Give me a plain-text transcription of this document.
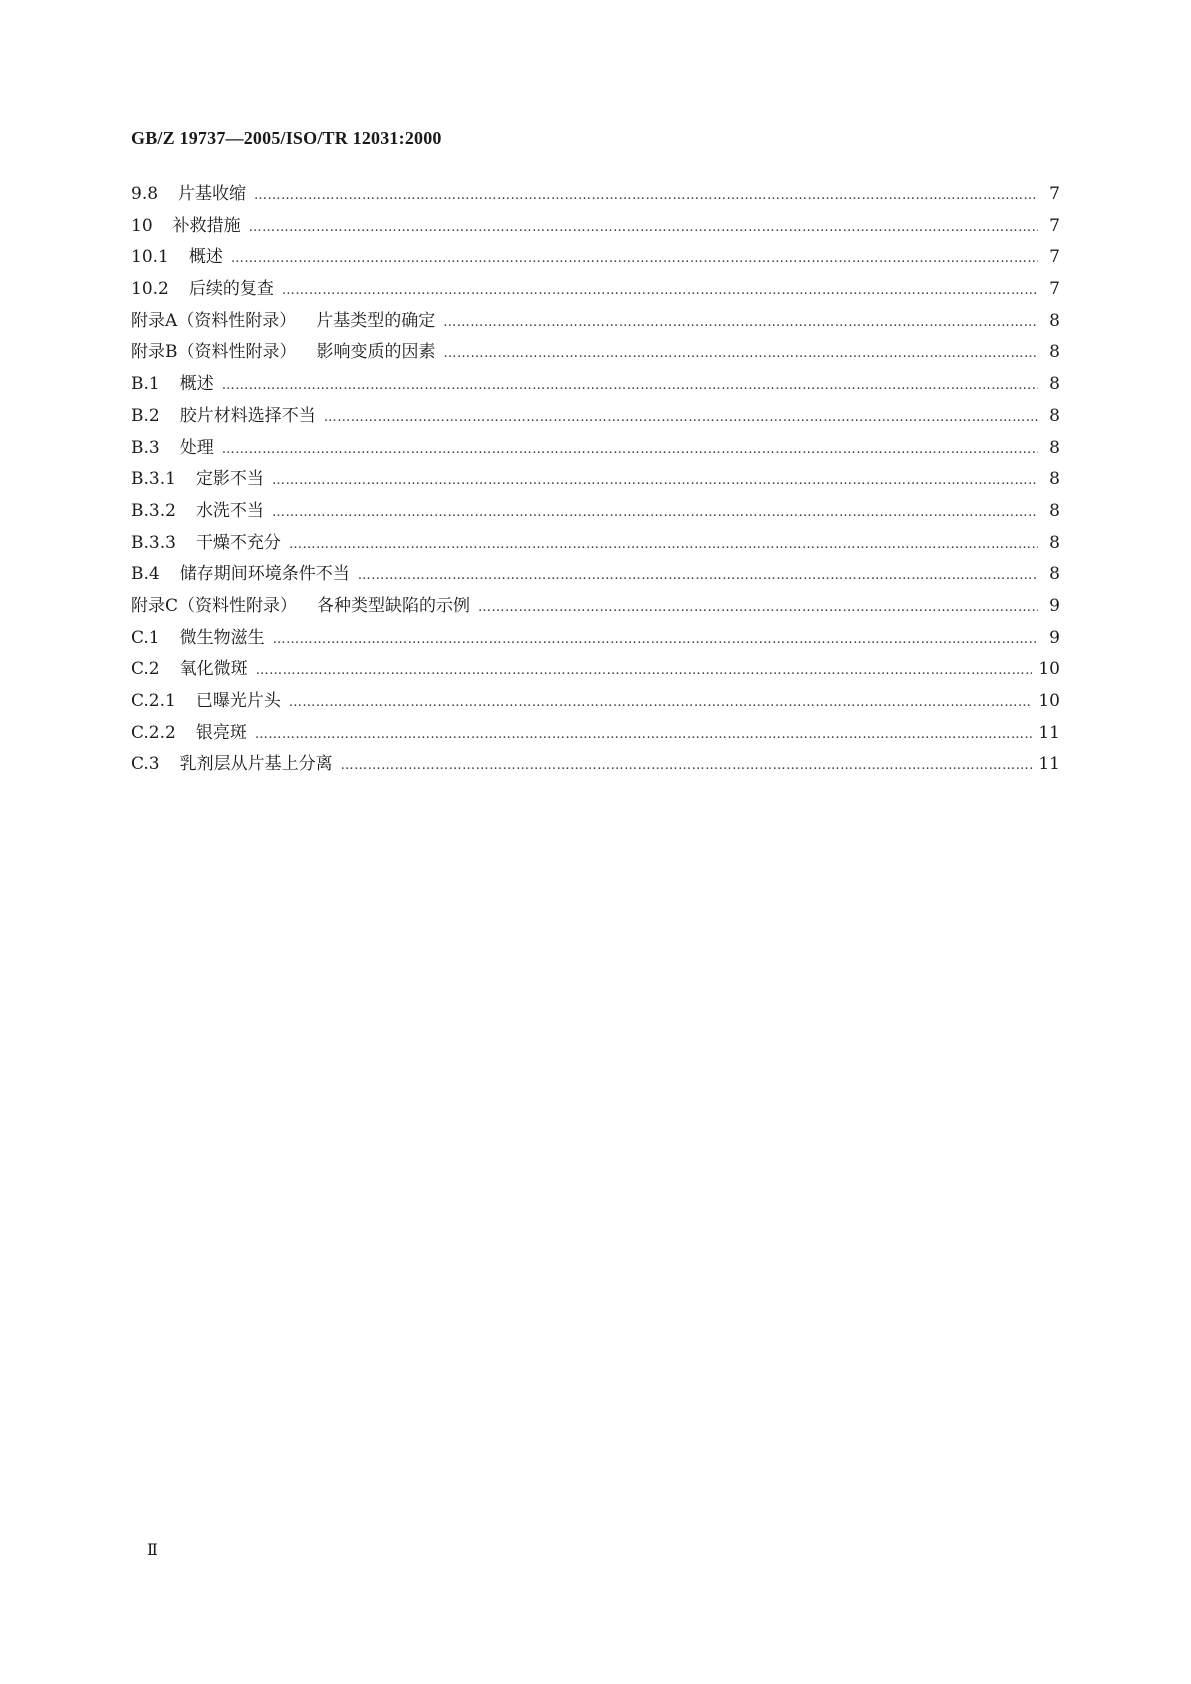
GB/Z 19737—2005/ISO/TR 12031:2000
9.8 片基收缩 …………………………………………………………………………………………………………………………………………………………………………	7
10 补救措施 …………………………………………………………………………………………………………………………………………………………………………	7
10.1 概述 …………………………………………………………………………………………………………………………………………………………………………	7
10.2 后续的复查 …………………………………………………………………………………………………………………………………………………………………………	7
附录A（资料性附录） 片基类型的确定 …………………………………………………………………………………………………………………………………………………………………………	8
附录B（资料性附录） 影响变质的因素 …………………………………………………………………………………………………………………………………………………………………………	8
B.1 概述 …………………………………………………………………………………………………………………………………………………………………………	8
B.2 胶片材料选择不当 …………………………………………………………………………………………………………………………………………………………………………	8
B.3 处理 …………………………………………………………………………………………………………………………………………………………………………	8
B.3.1 定影不当 …………………………………………………………………………………………………………………………………………………………………………	8
B.3.2 水洗不当 …………………………………………………………………………………………………………………………………………………………………………	8
B.3.3 干燥不充分 …………………………………………………………………………………………………………………………………………………………………………	8
B.4 储存期间环境条件不当 …………………………………………………………………………………………………………………………………………………………………………	8
附录C（资料性附录） 各种类型缺陷的示例 …………………………………………………………………………………………………………………………………………………………………………	9
C.1 微生物滋生 …………………………………………………………………………………………………………………………………………………………………………	9
C.2 氧化微斑 …………………………………………………………………………………………………………………………………………………………………………	10
C.2.1 已曝光片头 …………………………………………………………………………………………………………………………………………………………………………	10
C.2.2 银亮斑 …………………………………………………………………………………………………………………………………………………………………………	11
C.3 乳剂层从片基上分离 …………………………………………………………………………………………………………………………………………………………………………	11
Ⅱ
